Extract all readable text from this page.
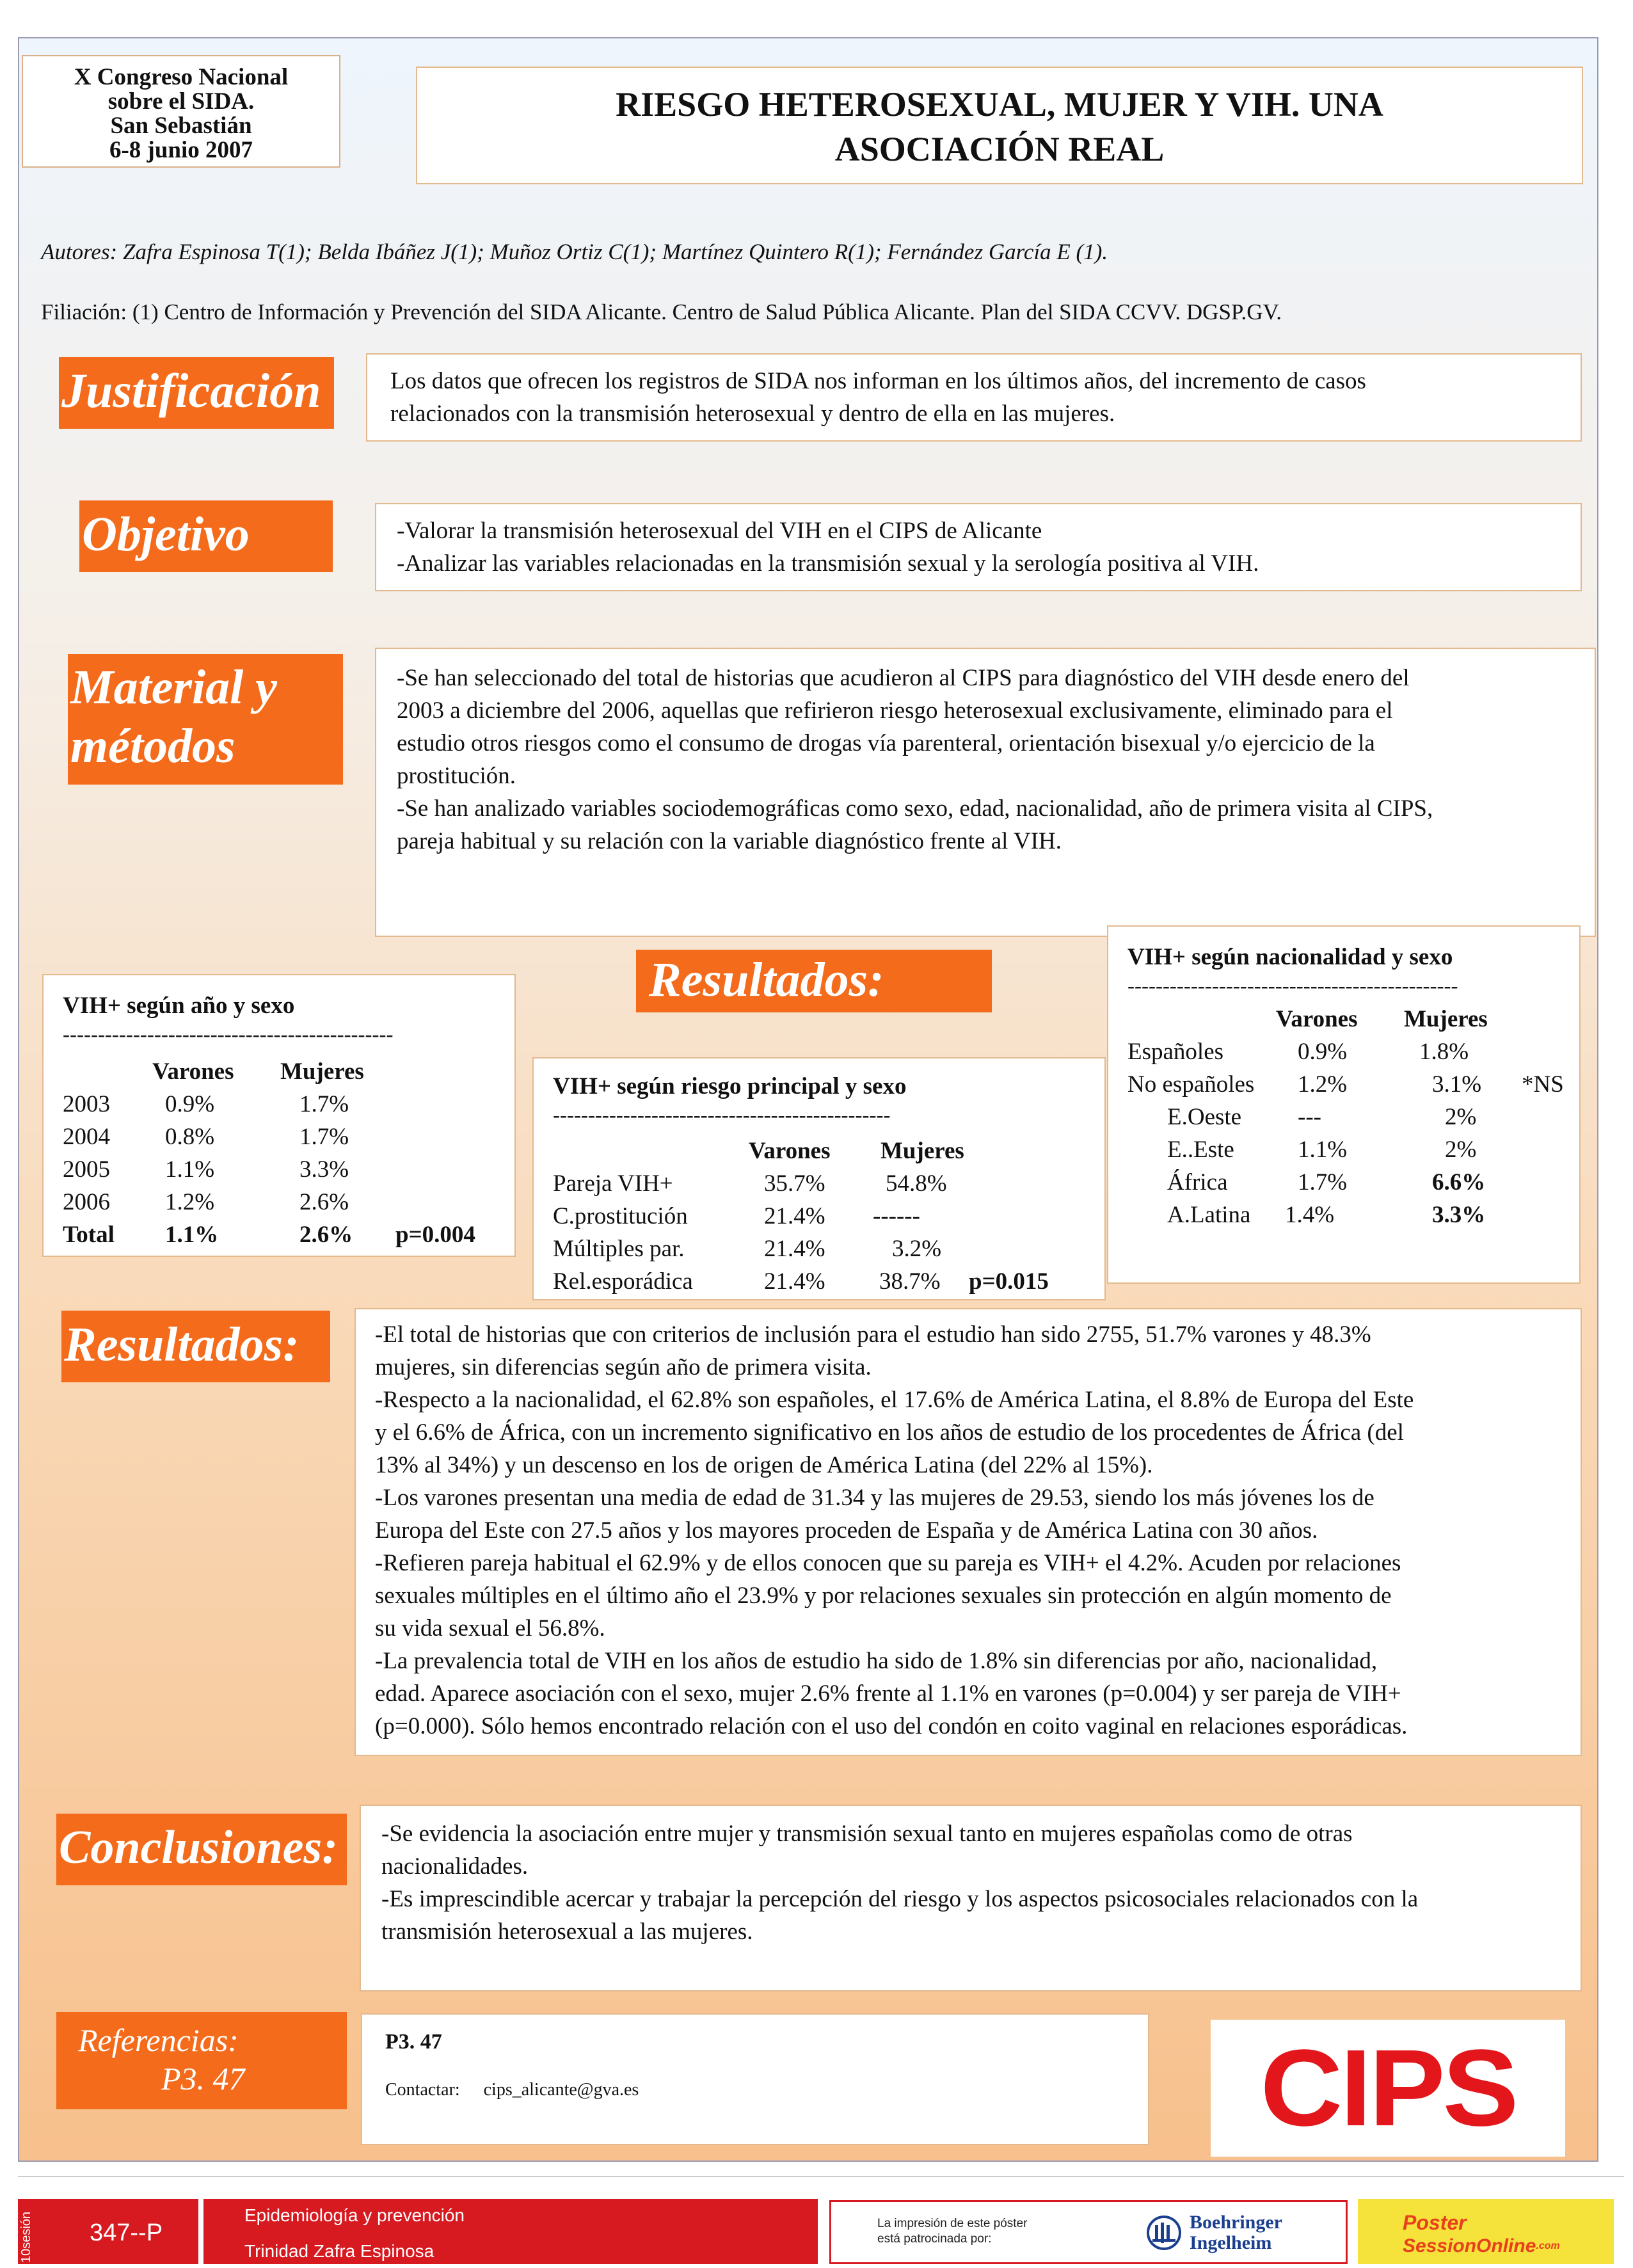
X Congreso Nacional
sobre el SIDA.
San Sebastián
6-8 junio 2007
RIESGO HETEROSEXUAL, MUJER Y VIH. UNA
ASOCIACIÓN REAL
Autores: Zafra Espinosa T(1); Belda Ibáñez J(1); Muñoz Ortiz C(1); Martínez Quintero R(1); Fernández García E (1).
Filiación: (1) Centro de Información y Prevención del SIDA Alicante. Centro de Salud Pública Alicante. Plan del SIDA CCVV. DGSP.GV.
Justificación	Los datos que ofrecen los registros de SIDA nos informan en los últimos años, del incremento de casos

relacionados con la transmisión heterosexual y dentro de ella en las mujeres.

Objetivo	-Valorar la transmisión heterosexual del VIH en el CIPS de Alicante

-Analizar las variables relacionadas en la transmisión sexual y la serología positiva al VIH.

Material y
métodos

-Se han seleccionado del total de historias que acudieron al CIPS para diagnóstico del VIH desde enero del

2003 a diciembre del 2006, aquellas que refirieron riesgo heterosexual exclusivamente, eliminado para el

estudio otros riesgos como el consumo de drogas vía parenteral, orientación bisexual y/o ejercicio de la

prostitución.

-Se han analizado variables sociodemográficas como sexo, edad, nacionalidad, año de primera visita al CIPS,

pareja habitual y su relación con la variable diagnóstico frente al VIH.

VIH+ según año y sexo
-----------------------------------------------
Varones	Mujeres
2003	0.9%	1.7%
2004	0.8%	1.7%
2005	1.1%	3.3%
2006	1.2%	2.6%
Total	1.1%	2.6%	p=0.004
Resultados:
VIH+ según riesgo principal y sexo
------------------------------------------------
Varones	Mujeres
Pareja VIH+	35.7%	54.8%
C.prostitución	21.4%	------
Múltiples par.	21.4%	3.2%
Rel.esporádica	21.4%	38.7%	p=0.015
VIH+ según nacionalidad y sexo
-----------------------------------------------
Varones	Mujeres
Españoles	0.9%	1.8%
No españoles	1.2%	3.1%	*NS
E.Oeste	---	2%
E..Este	1.1%	2%
África	1.7%	6.6%
A.Latina	1.4%	3.3%
Resultados:	-El total de historias que con criterios de inclusión para el estudio han sido 2755, 51.7% varones y 48.3%

mujeres, sin diferencias según año de primera visita.

-Respecto a la nacionalidad, el 62.8% son españoles, el 17.6% de América Latina, el 8.8% de Europa del Este

y el 6.6% de África, con un incremento significativo en los años de estudio de los procedentes de África (del

13% al 34%) y un descenso en los de origen de América Latina (del 22% al 15%).

-Los varones presentan una media de edad de 31.34 y las mujeres de 29.53, siendo los más jóvenes los de

Europa del Este con 27.5 años y los mayores proceden de España y de América Latina con 30 años.

-Refieren pareja habitual el 62.9% y de ellos conocen que su pareja es VIH+ el 4.2%. Acuden por relaciones

sexuales múltiples en el último año el 23.9% y por relaciones sexuales sin protección en algún momento de

su vida sexual el 56.8%.

-La prevalencia total de VIH en los años de estudio ha sido de 1.8% sin diferencias por año, nacionalidad,

edad. Aparece asociación con el sexo, mujer 2.6% frente al 1.1% en varones (p=0.004) y ser pareja de VIH+

(p=0.000). Sólo hemos encontrado relación con el uso del condón en coito vaginal en relaciones esporádicas.

Conclusiones:	-Se evidencia la asociación entre mujer y transmisión sexual tanto en mujeres españolas como de otras

nacionalidades.

-Es imprescindible acercar y trabajar la percepción del riesgo y los aspectos psicosociales relacionados con la

transmisión heterosexual a las mujeres.

Referencias:
P3. 47
P3. 47
Contactar: cips_alicante@gva.es	CIPS
10sesión 347--P
Epidemiología y prevención
Trinidad Zafra Espinosa
La impresión de este póster
está patrocinada por:
Boehringer
Ingelheim
Poster
SessionOnline.com
